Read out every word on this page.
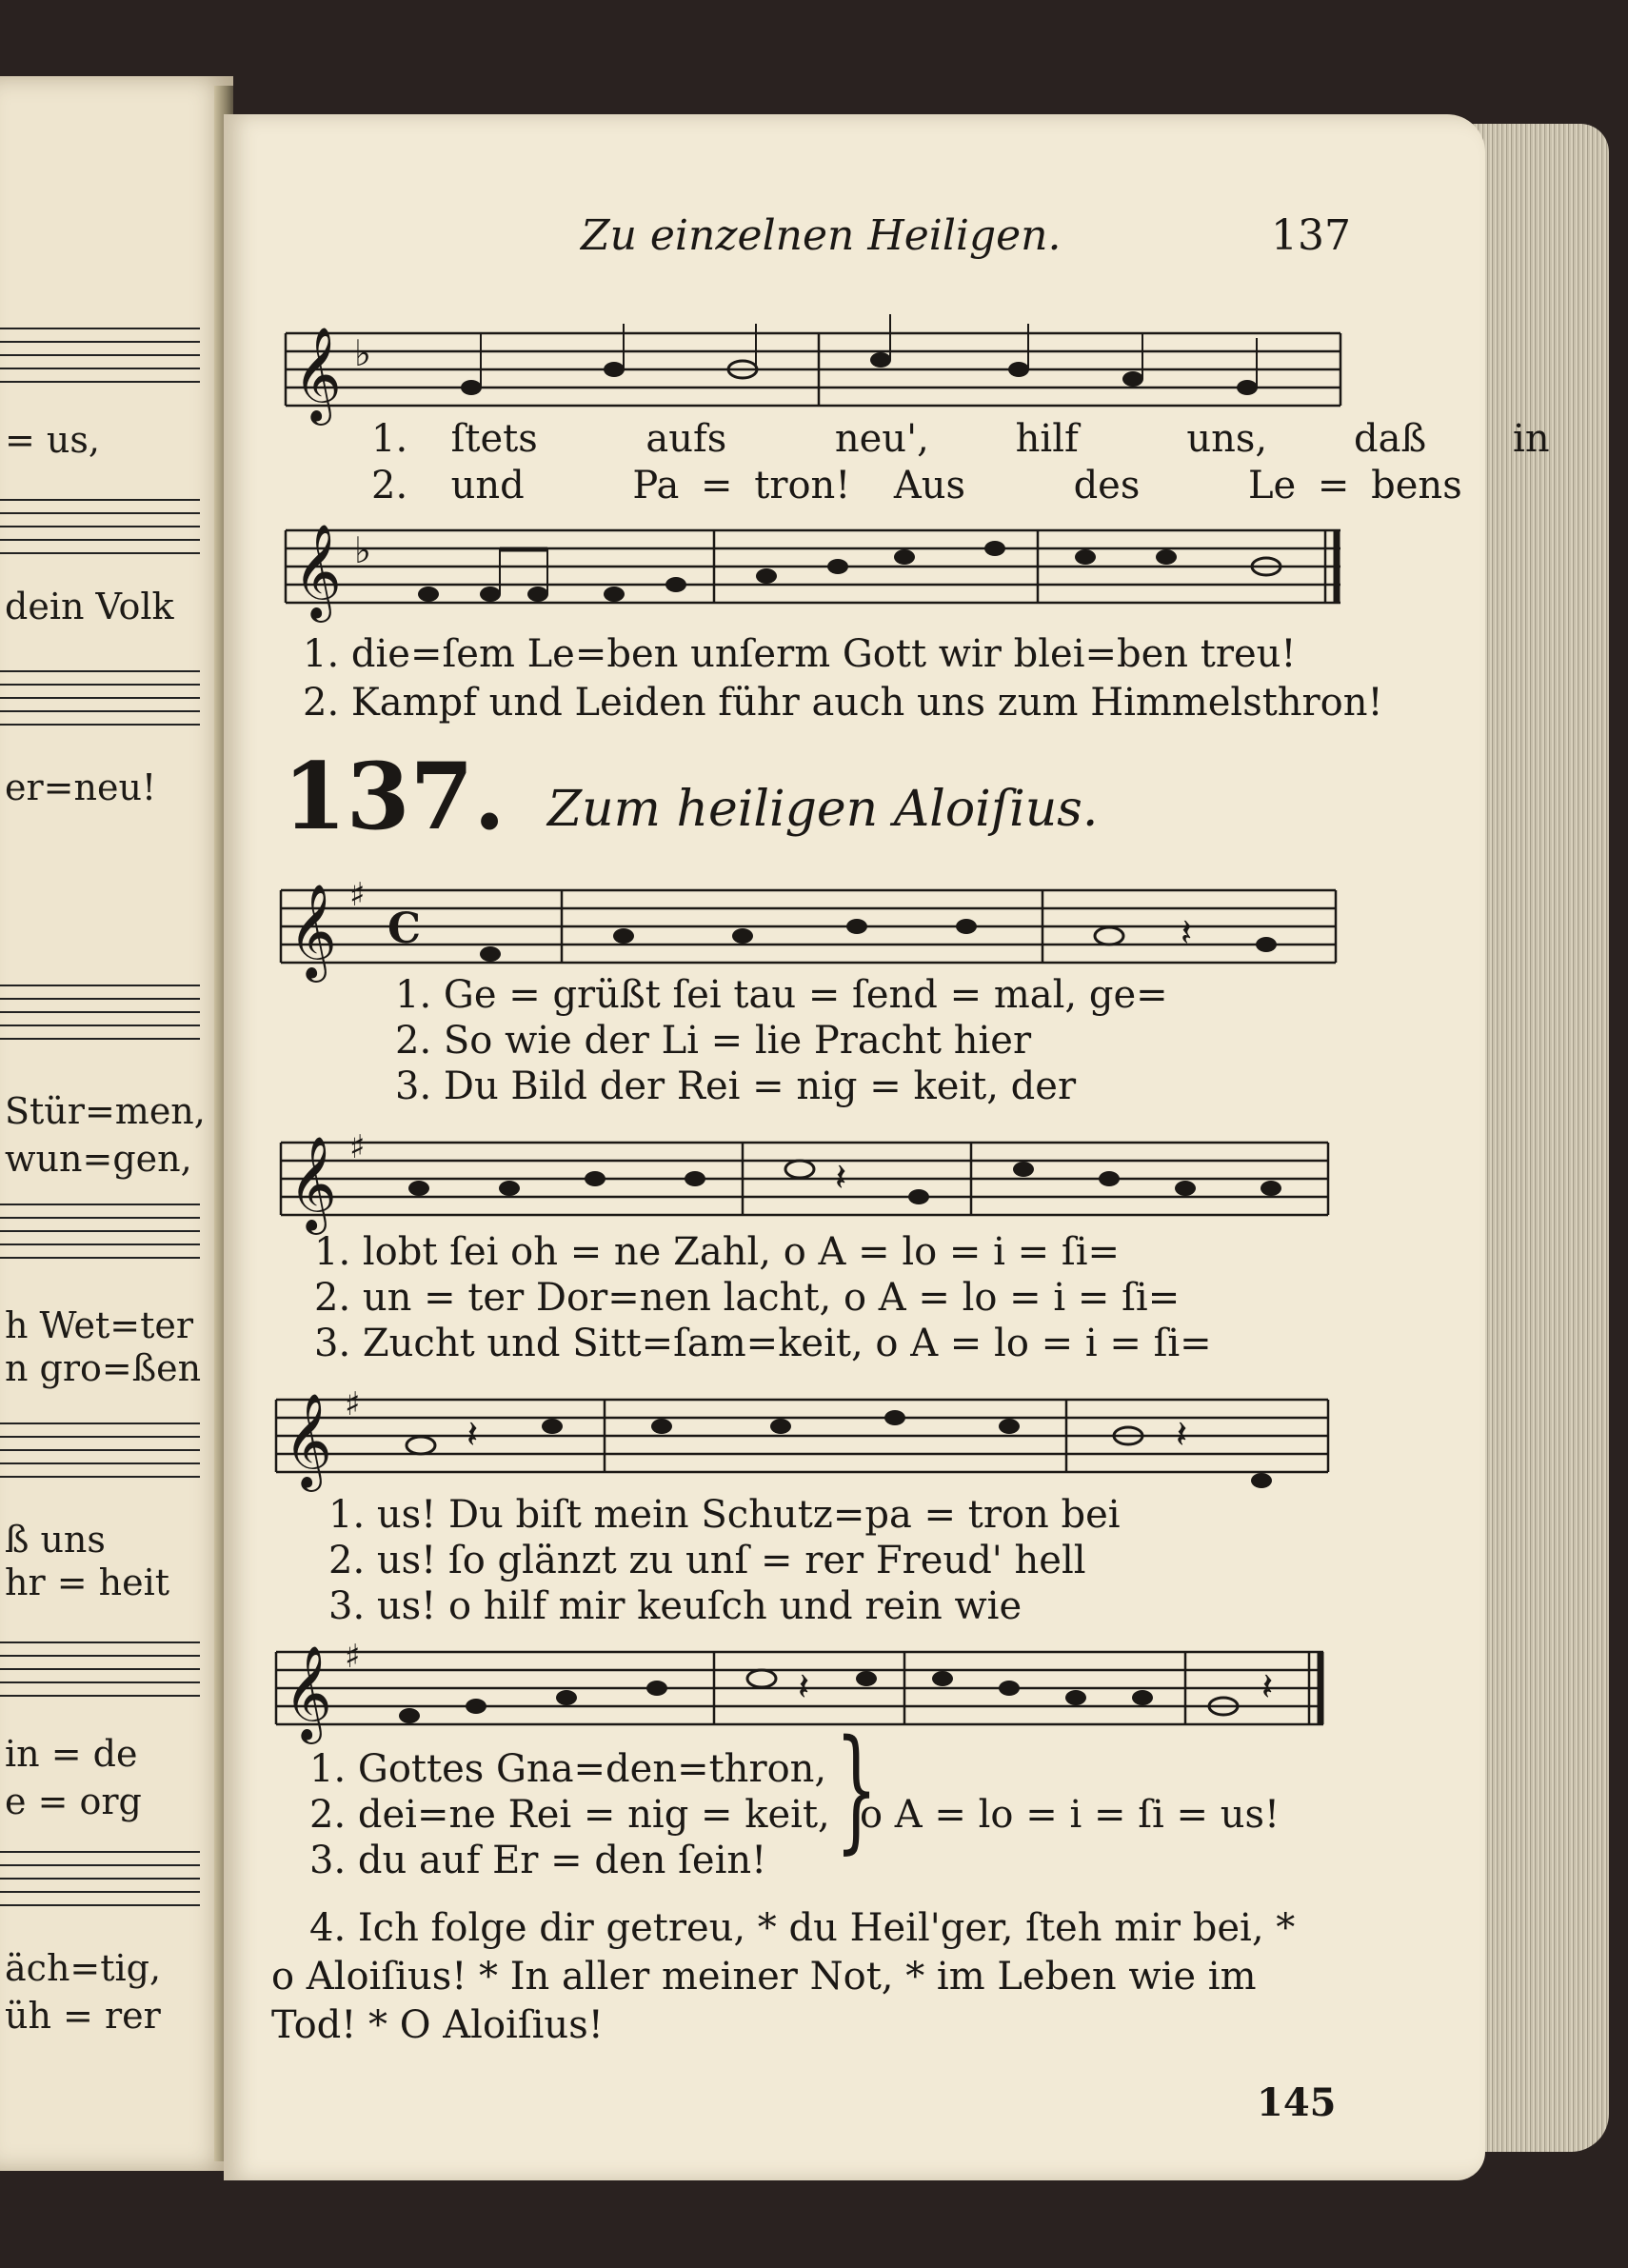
= us,
dein Volk
er=neu!
Stür=men,
wun=gen,
h Wet=ter
n gro=ßen
ß uns
hr = heit
in = de
e = org
äch=tig,
üh = rer
Zu einzelnen Heiligen.	137
𝄞 ♭
1. ſtets	aufs	neu', hilf	uns, daß in
2. und	Pa = tron! Aus	des	Le = bens
𝄞 ♭
1. die=ſem Le=ben unſerm Gott wir blei=ben treu!
2. Kampf und Leiden führ auch uns zum Himmelsthron!
137. Zum heiligen Aloiſius.
𝄞 ♯
C	𝄽
1. Ge = grüßt ſei tau = ſend = mal, ge=
2. So wie der Li = lie Pracht hier
3. Du Bild der Rei = nig = keit, der
𝄞 ♯
𝄽
1. lobt ſei oh = ne Zahl, o A = lo = i = ſi=
2. un = ter Dor=nen lacht, o A = lo = i = ſi=
3. Zucht und Sitt=ſam=keit, o A = lo = i = ſi=
𝄞 ♯
𝄽	𝄽
1. us! Du biſt mein Schutz=pa = tron bei
2. us! ſo glänzt zu unſ = rer Freud' hell
3. us! o hilf mir keuſch und rein wie
𝄞 ♯
𝄽	𝄽
1. Gottes Gna=den=thron,
2. dei=ne Rei = nig = keit,
3. du auf Er = den ſein! }
o A = lo = i = ſi = us!
4. Ich folge dir getreu, * du Heil'ger, ſteh mir bei, *
o Aloiſius! * In aller meiner Not, * im Leben wie im
Tod! * O Aloiſius!
145
